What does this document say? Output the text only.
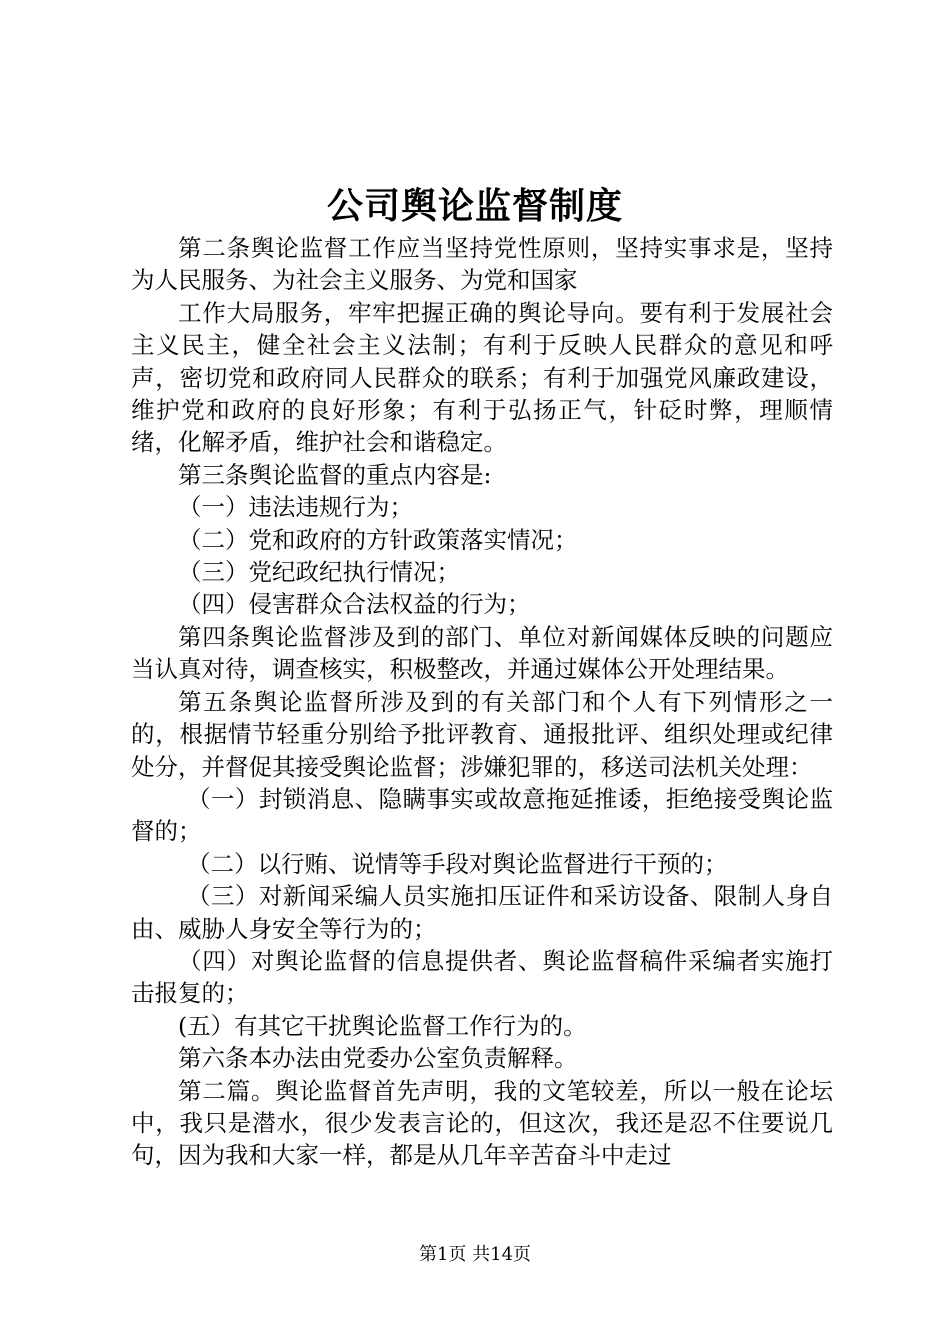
公司舆论监督制度

第二条舆论监督工作应当坚持党性原则，坚持实事求是，坚持为人民服务、为社会主义服务、为党和国家

工作大局服务，牢牢把握正确的舆论导向。要有利于发展社会主义民主，健全社会主义法制；有利于反映人民群众的意见和呼声，密切党和政府同人民群众的联系；有利于加强党风廉政建设，维护党和政府的良好形象；有利于弘扬正气，针砭时弊，理顺情绪，化解矛盾，维护社会和谐稳定。

第三条舆论监督的重点内容是:

（一）违法违规行为；

（二）党和政府的方针政策落实情况；

（三）党纪政纪执行情况；

（四）侵害群众合法权益的行为；

第四条舆论监督涉及到的部门、单位对新闻媒体反映的问题应当认真对待，调查核实，积极整改，并通过媒体公开处理结果。

第五条舆论监督所涉及到的有关部门和个人有下列情形之一的，根据情节轻重分别给予批评教育、通报批评、组织处理或纪律处分，并督促其接受舆论监督；涉嫌犯罪的，移送司法机关处理：

（一）封锁消息、隐瞒事实或故意拖延推诿，拒绝接受舆论监督的；

（二）以行贿、说情等手段对舆论监督进行干预的；

（三）对新闻采编人员实施扣压证件和采访设备、限制人身自由、威胁人身安全等行为的；

（四）对舆论监督的信息提供者、舆论监督稿件采编者实施打击报复的；

(五）有其它干扰舆论监督工作行为的。

第六条本办法由党委办公室负责解释。

第二篇。舆论监督首先声明，我的文笔较差，所以一般在论坛中，我只是潜水，很少发表言论的，但这次，我还是忍不住要说几句，因为我和大家一样，都是从几年辛苦奋斗中走过

第1页 共14页
